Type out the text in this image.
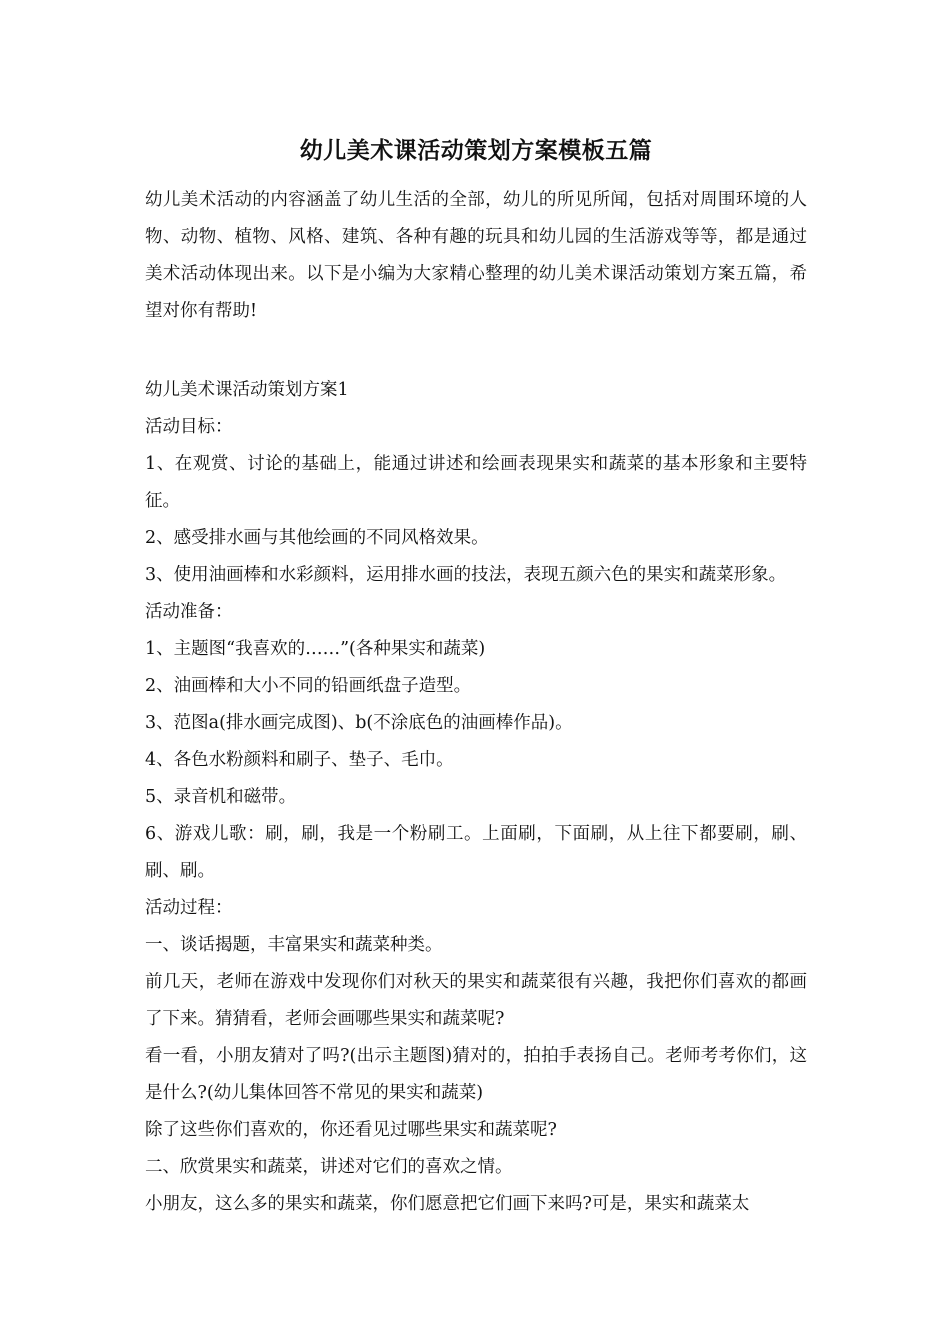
幼儿美术课活动策划方案模板五篇

幼儿美术活动的内容涵盖了幼儿生活的全部，幼儿的所见所闻，包括对周围环境的人物、动物、植物、风格、建筑、各种有趣的玩具和幼儿园的生活游戏等等，都是通过美术活动体现出来。以下是小编为大家精心整理的幼儿美术课活动策划方案五篇，希望对你有帮助!

幼儿美术课活动策划方案1

活动目标：

1、在观赏、讨论的基础上，能通过讲述和绘画表现果实和蔬菜的基本形象和主要特征。

2、感受排水画与其他绘画的不同风格效果。

3、使用油画棒和水彩颜料，运用排水画的技法，表现五颜六色的果实和蔬菜形象。

活动准备：

1、主题图“我喜欢的……”(各种果实和蔬菜)

2、油画棒和大小不同的铅画纸盘子造型。

3、范图a(排水画完成图)、b(不涂底色的油画棒作品)。

4、各色水粉颜料和刷子、垫子、毛巾。

5、录音机和磁带。

6、游戏儿歌：刷，刷，我是一个粉刷工。上面刷，下面刷，从上往下都要刷，刷、刷、刷。

活动过程：

一、谈话揭题，丰富果实和蔬菜种类。

前几天，老师在游戏中发现你们对秋天的果实和蔬菜很有兴趣，我把你们喜欢的都画了下来。猜猜看，老师会画哪些果实和蔬菜呢?

看一看，小朋友猜对了吗?(出示主题图)猜对的，拍拍手表扬自己。老师考考你们，这是什么?(幼儿集体回答不常见的果实和蔬菜)

除了这些你们喜欢的，你还看见过哪些果实和蔬菜呢?

二、欣赏果实和蔬菜，讲述对它们的喜欢之情。

小朋友，这么多的果实和蔬菜，你们愿意把它们画下来吗?可是，果实和蔬菜太
